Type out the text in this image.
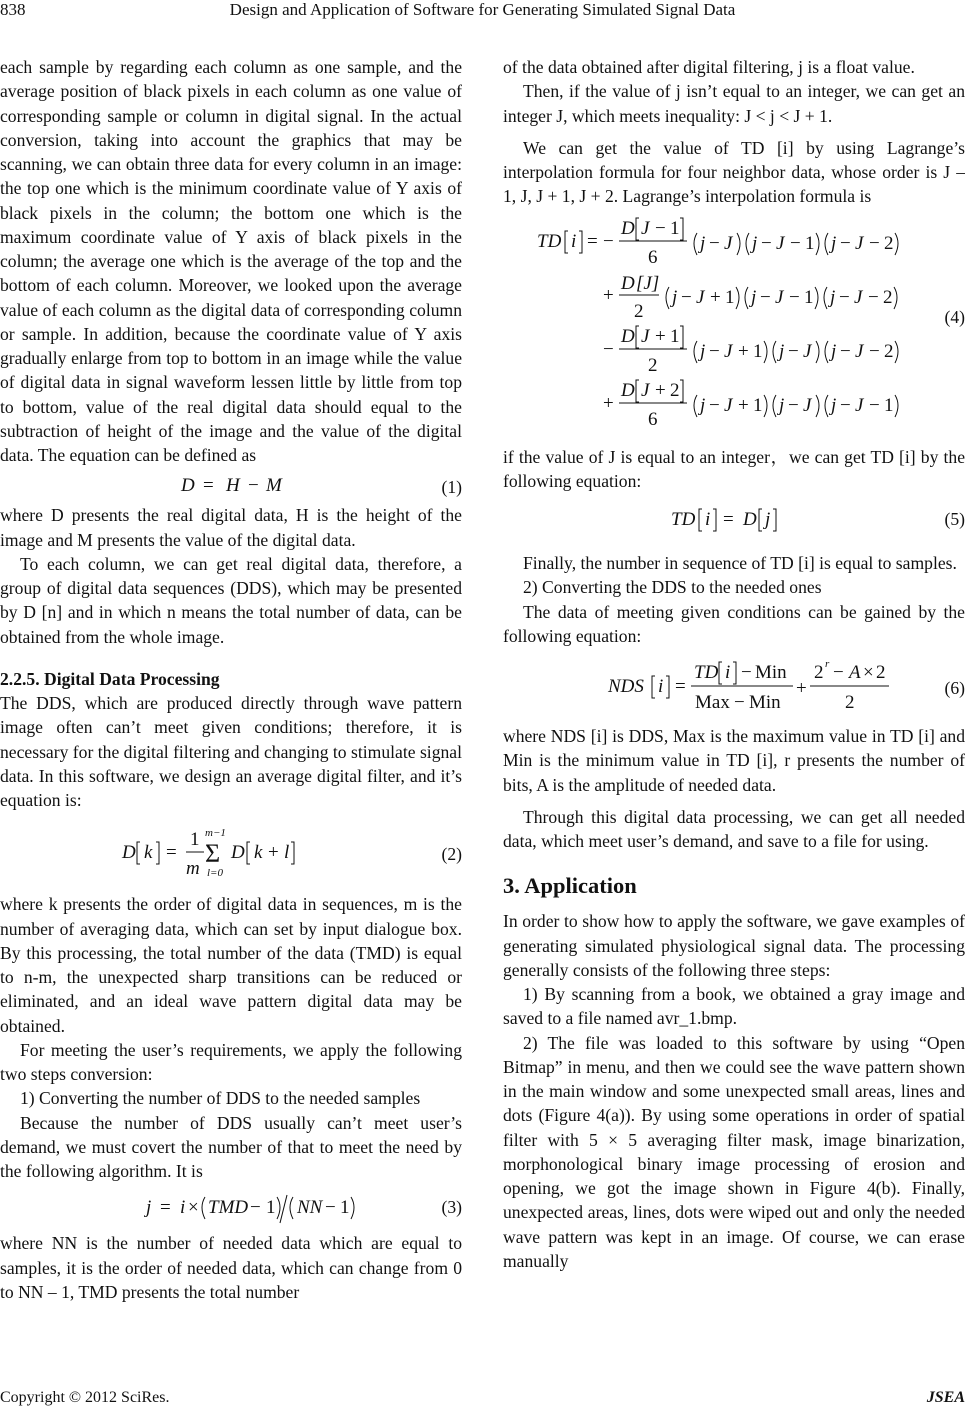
838	Design and Application of Software for Generating Simulated Signal Data

each sample by regarding each column as one sample, and the average position of black pixels in each column as one value of corresponding sample or column in digital signal. In the actual conversion, taking into account the graphics that may be scanning, we can obtain three data for every column in an image: the top one which is the minimum coordinate value of Y axis of black pixels in the column; the bottom one which is the maximum coordinate value of Y axis of black pixels in the column; the average one which is the average of the top and the bottom of each column. Moreover, we looked upon the average value of each column as the digital data of corresponding column or sample. In addition, because the coordinate value of Y axis gradually enlarge from top to bottom in an image while the value of digital data in signal waveform lessen little by little from top to bottom, value of the real digital data should equal to the subtraction of height of the image and the value of the digital data. The equation can be defined as

D = H − M	(1)

where D presents the real digital data, H is the height of the image and M presents the value of the digital data.

To each column, we can get real digital data, therefore, a group of digital data sequences (DDS), which may be presented by D [n] and in which n means the total number of data, can be obtained from the whole image.

2.2.5. Digital Data Processing

The DDS, which are produced directly through wave pattern image often can’t meet given conditions; therefore, it is necessary for the digital filtering and changing to stimulate signal data. In this software, we design an average digital filter, and it’s equation is:

D k =
1
m
m−1
Σ
l=0
D k + l	(2)

where k presents the order of digital data in sequences, m is the number of averaging data, which can set by input dialogue box. By this processing, the total number of the data (TMD) is equal to n-m, the unexpected sharp transitions can be reduced or eliminated, and an ideal wave pattern digital data may be obtained.

For meeting the user’s requirements, we apply the following two steps conversion:

1) Converting the number of DDS to the needed samples

Because the number of DDS usually can’t meet user’s demand, we must covert the number of that to meet the need by the following algorithm. It is

j = i × TMD − 1 NN − 1	(3)

where NN is the number of needed data which are equal to samples, it is the order of needed data, which can change from 0 to NN – 1, TMD presents the total number

of the data obtained after digital filtering, j is a float value.

Then, if the value of j isn’t equal to an integer, we can get an integer J, which meets inequality: J < j < J + 1.

We can get the value of TD [i] by using Lagrange’s interpolation formula for four neighbor data, whose order is J – 1, J, J + 1, J + 2. Lagrange’s interpolation formula is

TD i = −
D J − 1
6
j − J j − J − 1 j − J − 2
+
D [J]
2
j − J + 1 j − J − 1 j − J − 2
−
D J + 1
2
j − J + 1 j − J j − J − 2
+
D J + 2
6
j − J + 1 j − J j − J − 1
(4)

if the value of J is equal to an integer，we can get TD [i] by the following equation:

TD i = D j	(5)

Finally, the number in sequence of TD [i] is equal to samples.

2) Converting the DDS to the needed ones

The data of meeting given conditions can be gained by the following equation:

NDS i =
TD i − Min
Max − Min
+
2 r − A × 2
2
(6)

where NDS [i] is DDS, Max is the maximum value in TD [i] and Min is the minimum value in TD [i], r presents the number of bits, A is the amplitude of needed data.

Through this digital data processing, we can get all needed data, which meet user’s demand, and save to a file for using.

3. Application

In order to show how to apply the software, we gave examples of generating simulated physiological signal data. The processing generally consists of the following three steps:

1) By scanning from a book, we obtained a gray image and saved to a file named avr_1.bmp.

2) The file was loaded to this software by using “Open Bitmap” in menu, and then we could see the wave pattern shown in the main window and some unexpected small areas, lines and dots (Figure 4(a)). By using some operations in order of spatial filter with 5 × 5 averaging filter mask, image binarization, morphonological binary image processing of erosion and opening, we got the image shown in Figure 4(b). Finally, unexpected areas, lines, dots were wiped out and only the needed wave pattern was kept in an image. Of course, we can erase manually

Copyright © 2012 SciRes.	JSEA
